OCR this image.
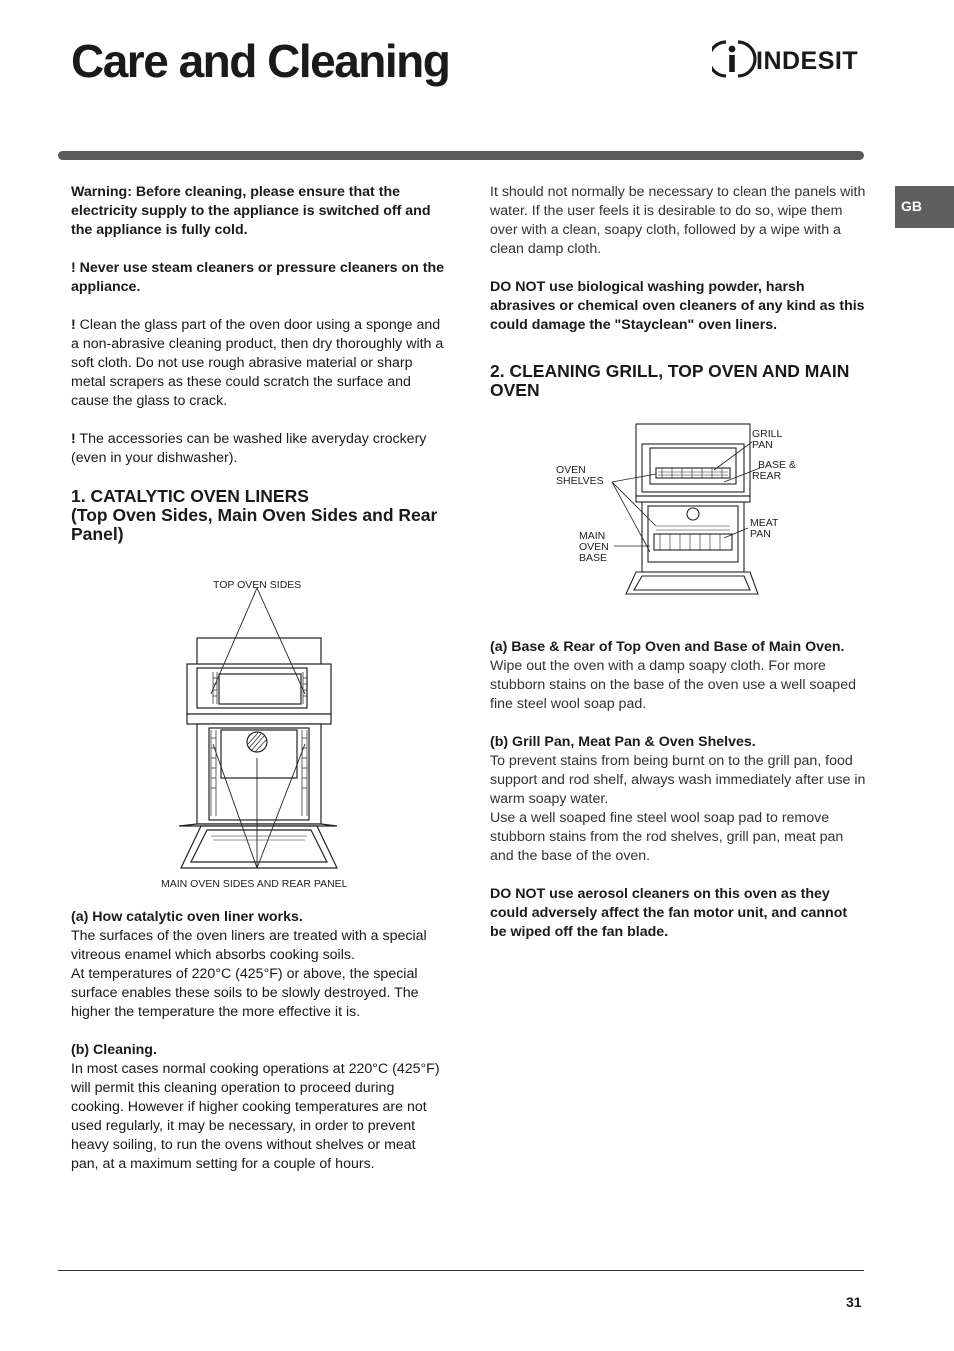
Care and Cleaning	INDESIT
GB

Warning: Before cleaning, please ensure that the electricity supply to the appliance is switched off and the appliance is fully cold.

! Never use steam cleaners or pressure cleaners on the appliance.

! Clean the glass part of the oven door using a sponge and a non-abrasive cleaning product, then dry thoroughly with a soft cloth. Do not use rough abrasive material or sharp metal scrapers as these could scratch the surface and cause the glass to crack.

! The accessories can be washed like averyday crockery (even in your dishwasher).

1. CATALYTIC OVEN LINERS
(Top Oven Sides, Main Oven Sides and Rear Panel)
TOP OVEN SIDES
MAIN OVEN SIDES AND REAR PANEL
(a) How catalytic oven liner works.
The surfaces of the oven liners are treated with a special vitreous enamel which absorbs cooking soils.

At temperatures of 220°C (425°F) or above, the special surface enables these soils to be slowly destroyed. The higher the temperature the more effective it is.

(b) Cleaning.
In most cases normal cooking operations at 220°C (425°F) will permit this cleaning operation to proceed during cooking. However if higher cooking temperatures are not used regularly, it may be necessary, in order to prevent heavy soiling, to run the ovens without shelves or meat pan, at a maximum setting for a couple of hours.

It should not normally be necessary to clean the panels with water. If the user feels it is desirable to do so, wipe them over with a clean, soapy cloth, followed by a wipe with a clean damp cloth.

DO NOT use biological washing powder, harsh abrasives or chemical oven cleaners of any kind as this could damage the "Stayclean" oven liners.

2. CLEANING GRILL, TOP OVEN AND MAIN OVEN
GRILL
PAN
BASE &
REAR
OVEN
SHELVES
MEAT
PAN
MAIN
OVEN
BASE
(a) Base & Rear of Top Oven and Base of Main Oven.

Wipe out the oven with a damp soapy cloth. For more stubborn stains on the base of the oven use a well soaped fine steel wool soap pad.

(b) Grill Pan, Meat Pan & Oven Shelves.
To prevent stains from being burnt on to the grill pan, food support and rod shelf, always wash immediately after use in warm soapy water.

Use a well soaped fine steel wool soap pad to remove stubborn stains from the rod shelves, grill pan, meat pan and the base of the oven.

DO NOT use aerosol cleaners on this oven as they could adversely affect the fan motor unit, and cannot be wiped off the fan blade.

31
